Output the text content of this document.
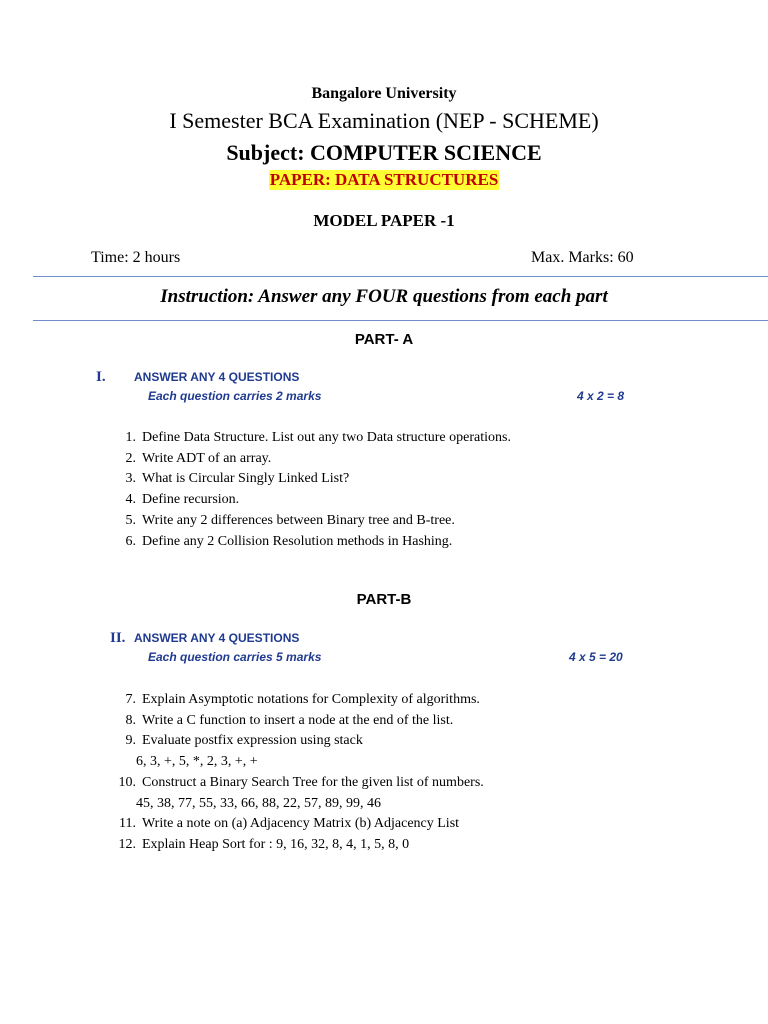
Bangalore University
I Semester BCA Examination (NEP - SCHEME)
Subject: COMPUTER SCIENCE
PAPER: DATA STRUCTURES
MODEL PAPER -1
Time: 2 hours	Max. Marks: 60
Instruction: Answer any FOUR questions from each part
PART- A
I. ANSWER ANY 4 QUESTIONS
Each question carries 2 marks	4 x 2 = 8
1. Define Data Structure. List out any two Data structure operations.
2. Write ADT of an array.
3. What is Circular Singly Linked List?
4. Define recursion.
5. Write any 2 differences between Binary tree and B-tree.
6. Define any 2 Collision Resolution methods in Hashing.
PART-B
II. ANSWER ANY 4 QUESTIONS
Each question carries 5 marks	4 x 5 = 20
7. Explain Asymptotic notations for Complexity of algorithms.
8. Write a C function to insert a node at the end of the list.
9. Evaluate postfix expression using stack
6, 3, +, 5, *, 2, 3, +, +
10. Construct a Binary Search Tree for the given list of numbers.
45, 38, 77, 55, 33, 66, 88, 22, 57, 89, 99, 46
11. Write a note on (a) Adjacency Matrix (b) Adjacency List
12. Explain Heap Sort for : 9, 16, 32, 8, 4, 1, 5, 8, 0
